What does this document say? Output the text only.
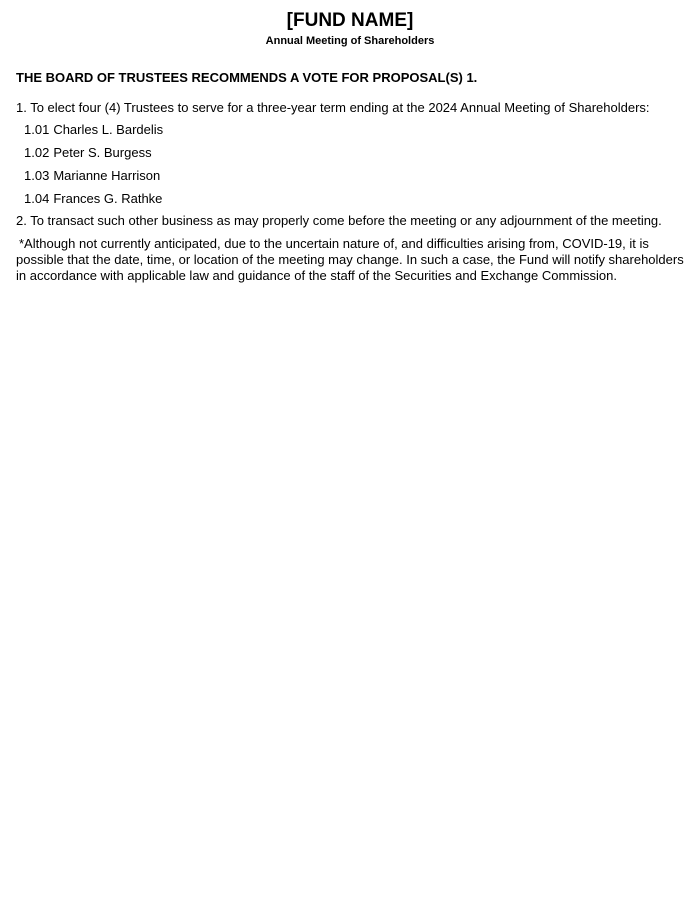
[FUND NAME]

Annual Meeting of Shareholders

THE BOARD OF TRUSTEES RECOMMENDS A VOTE FOR PROPOSAL(S) 1.

1. To elect four (4) Trustees to serve for a three-year term ending at the 2024 Annual Meeting of Shareholders:
1.01 Charles L. Bardelis
1.02 Peter S. Burgess
1.03 Marianne Harrison
1.04 Frances G. Rathke
2. To transact such other business as may properly come before the meeting or any adjournment of the meeting.
*Although not currently anticipated, due to the uncertain nature of, and difficulties arising from, COVID-19, it is possible that the date, time, or location of the meeting may change. In such a case, the Fund will notify shareholders in accordance with applicable law and guidance of the staff of the Securities and Exchange Commission.
